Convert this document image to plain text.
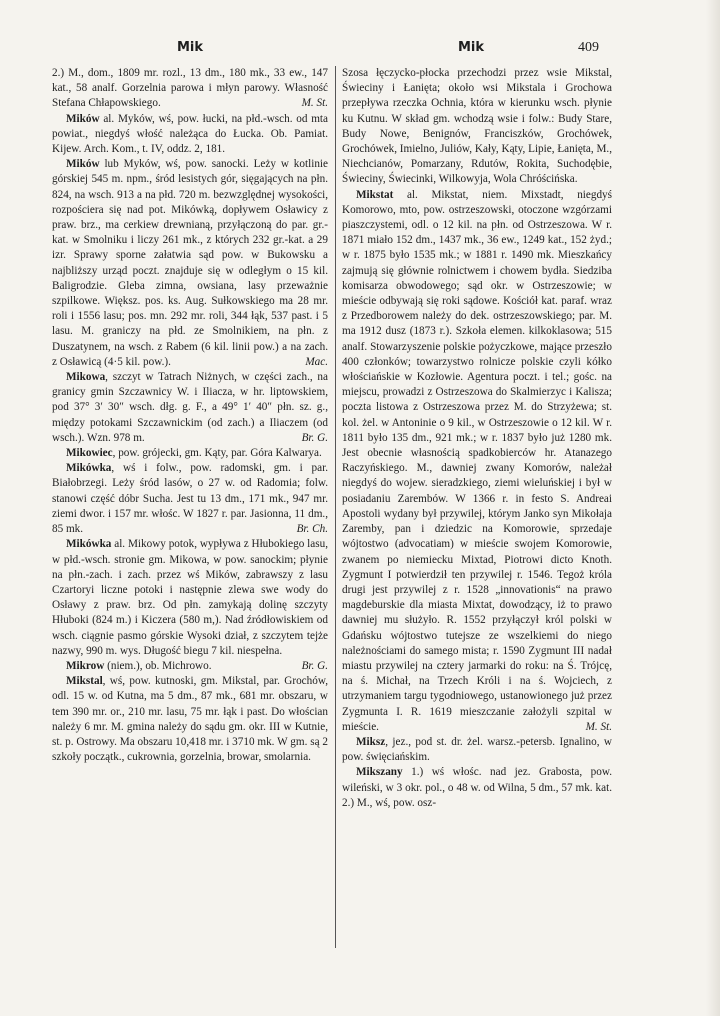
Mik	Mik	409

2.) M., dom., 1809 mr. rozl., 13 dm., 180 mk., 33 ew., 147 kat., 58 analf. Gorzelnia parowa i młyn parowy. Własność Stefana Chłapowskiego.	M. St.

Mików al. Myków, wś, pow. łucki, na płd.-wsch. od mta powiat., niegdyś włość należąca do Łucka. Ob. Pamiat. Kijew. Arch. Kom., t. IV, oddz. 2, 181.

Mików lub Myków, wś, pow. sanocki. Leży w kotlinie górskiej 545 m. npm., śród lesistych gór, sięgających na płn. 824, na wsch. 913 a na płd. 720 m. bezwzględnej wysokości, rozpościera się nad pot. Mikówką, dopływem Osławicy z praw. brz., ma cerkiew drewnianą, przyłączoną do par. gr.-kat. w Smolniku i liczy 261 mk., z których 232 gr.-kat. a 29 izr. Sprawy sporne załatwia sąd pow. w Bukowsku a najbliższy urząd poczt. znajduje się w odległym o 15 kil. Baligrodzie. Gleba zimna, owsiana, lasy przeważnie szpilkowe. Większ. pos. ks. Aug. Sułkowskiego ma 28 mr. roli i 1556 lasu; pos. mn. 292 mr. roli, 344 łąk, 537 past. i 5 lasu. M. graniczy na płd. ze Smolnikiem, na płn. z Duszatynem, na wsch. z Rabem (6 kil. linii pow.) a na zach. z Osławicą (4·5 kil. pow.).	Mac.

Mikowa, szczyt w Tatrach Niżnych, w części zach., na granicy gmin Szczawnicy W. i Iliacza, w hr. liptowskiem, pod 37° 3′ 30″ wsch. dłg. g. F., a 49° 1′ 40″ płn. sz. g., między potokami Szczawnickim (od zach.) a Iliaczem (od wsch.). Wzn. 978 m.	Br. G.

Mikowiec, pow. grójecki, gm. Kąty, par. Góra Kalwarya.

Mikówka, wś i folw., pow. radomski, gm. i par. Białobrzegi. Leży śród lasów, o 27 w. od Radomia; folw. stanowi część dóbr Sucha. Jest tu 13 dm., 171 mk., 947 mr. ziemi dwor. i 157 mr. włośc. W 1827 r. par. Jasionna, 11 dm., 85 mk.	Br. Ch.

Mikówka al. Mikowy potok, wypływa z Hłubokiego lasu, w płd.-wsch. stronie gm. Mikowa, w pow. sanockim; płynie na płn.-zach. i zach. przez wś Mików, zabrawszy z lasu Czartoryi liczne potoki i następnie zlewa swe wody do Osławy z praw. brz. Od płn. zamykają dolinę szczyty Hłuboki (824 m.) i Kiczera (580 m,). Nad źródłowiskiem od wsch. ciągnie pasmo górskie Wysoki dział, z szczytem tejże nazwy, 990 m. wys. Długość biegu 7 kil. niespełna.
Br. G.

Mikrow (niem.), ob. Michrowo.

Mikstal, wś, pow. kutnoski, gm. Mikstal, par. Grochów, odl. 15 w. od Kutna, ma 5 dm., 87 mk., 681 mr. obszaru, w tem 390 mr. or., 210 mr. lasu, 75 mr. łąk i past. Do włościan należy 6 mr. M. gmina należy do sądu gm. okr. III w Kutnie, st. p. Ostrowy. Ma obszaru 10,418 mr. i 3710 mk. W gm. są 2 szkoły początk., cukrownia, gorzelnia, browar, smolarnia.

Szosa łęczycko-płocka przechodzi przez wsie Mikstal, Świeciny i Łanięta; około wsi Mikstala i Grochowa przepływa rzeczka Ochnia, która w kierunku wsch. płynie ku Kutnu. W skład gm. wchodzą wsie i folw.: Budy Stare, Budy Nowe, Benignów, Franciszków, Grochówek, Grochówek, Imielno, Juliów, Kały, Kąty, Lipie, Łanięta, M., Niechcianów, Pomarzany, Rdutów, Rokita, Suchodębie, Świeciny, Świecinki, Wilkowyja, Wola Chróścińska.

Mikstat al. Mikstat, niem. Mixstadt, niegdyś Komorowo, mto, pow. ostrzeszowski, otoczone wzgórzami piaszczystemi, odl. o 12 kil. na płn. od Ostrzeszowa. W r. 1871 miało 152 dm., 1437 mk., 36 ew., 1249 kat., 152 żyd.; w r. 1875 było 1535 mk.; w 1881 r. 1490 mk. Mieszkańcy zajmują się głównie rolnictwem i chowem bydła. Siedziba komisarza obwodowego; sąd okr. w Ostrzeszowie; w mieście odbywają się roki sądowe. Kościół kat. paraf. wraz z Przedborowem należy do dek. ostrzeszowskiego; par. M. ma 1912 dusz (1873 r.). Szkoła elemen. kilkoklasowa; 515 analf. Stowarzyszenie polskie pożyczkowe, mające przeszło 400 członków; towarzystwo rolnicze polskie czyli kółko włościańskie w Kozłowie. Agentura poczt. i tel.; gośc. na miejscu, prowadzi z Ostrzeszowa do Skalmierzyc i Kalisza; poczta listowa z Ostrzeszowa przez M. do Strzyżewa; st. kol. żel. w Antoninie o 9 kil., w Ostrzeszowie o 12 kil. W r. 1811 było 135 dm., 921 mk.; w r. 1837 było już 1280 mk. Jest obecnie własnością spadkobierców hr. Atanazego Raczyńskiego. M., dawniej zwany Komorów, należał niegdyś do wojew. sieradzkiego, ziemi wieluńskiej i był w posiadaniu Zarembów. W 1366 r. in festo S. Andreai Apostoli wydany był przywilej, którym Janko syn Mikołaja Zaremby, pan i dziedzic na Komorowie, sprzedaje wójtostwo (advocatiam) w mieście swojem Komorowie, zwanem po niemiecku Mixtad, Piotrowi dicto Knoth. Zygmunt I potwierdził ten przywilej r. 1546. Tegoż króla drugi jest przywilej z r. 1528 „innovationis“ na prawo magdeburskie dla miasta Mixtat, dowodzący, iż to prawo dawniej mu służyło. R. 1552 przyłączył król polski w Gdańsku wójtostwo tutejsze ze wszelkiemi do niego należnościami do samego mista; r. 1590 Zygmunt III nadał miastu przywilej na cztery jarmarki do roku: na Ś. Trójcę, na ś. Michał, na Trzech Króli i na ś. Wojciech, z utrzymaniem targu tygodniowego, ustanowionego już przez Zygmunta I. R. 1619 mieszczanie założyli szpital w mieście.	M. St.

Miksz, jez., pod st. dr. żel. warsz.-petersb. Ignalino, w pow. święciańskim.

Mikszany 1.) wś włośc. nad jez. Grabosta, pow. wileński, w 3 okr. pol., o 48 w. od Wilna, 5 dm., 57 mk. kat. 2.) M., wś, pow. osz-
